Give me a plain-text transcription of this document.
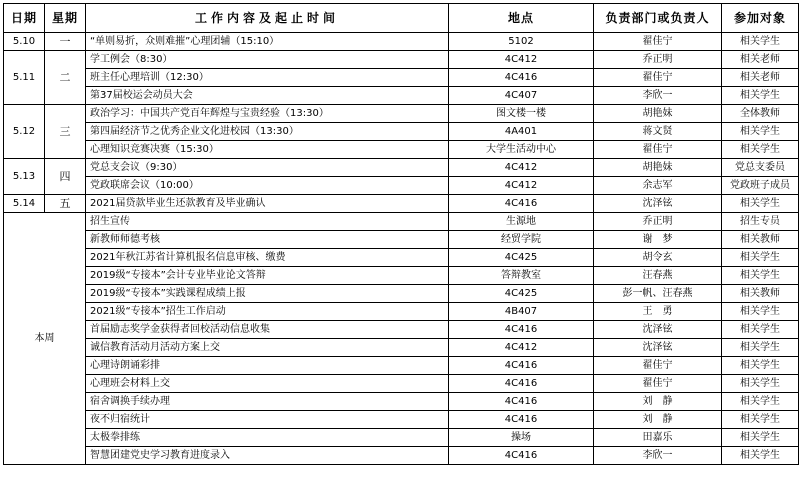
日期	星期	工作内容及起止时间	地点	负责部门或负责人	参加对象
5.10	一	“单则易折，众则难摧”心理团辅（15:10）	5102	翟佳宁	相关学生
5.11	二	学工例会（8:30）	4C412	乔正明	相关老师
		班主任心理培训（12:30）	4C416	翟佳宁	相关老师
		第37届校运会动员大会	4C407	李欣一	相关学生
5.12	三	政治学习：中国共产党百年辉煌与宝贵经验（13:30）	图文楼一楼	胡艳妹	全体教师
		第四届经济节之优秀企业文化进校园（13:30）	4A401	蒋文贤	相关学生
		心理知识竞赛决赛（15:30）	大学生活动中心	翟佳宁	相关学生
5.13	四	党总支会议（9:30）	4C412	胡艳妹	党总支委员
		党政联席会议（10:00）	4C412	余志军	党政班子成员
5.14	五	2021届贷款毕业生还款教育及毕业确认	4C416	沈泽铉	相关学生
本周		招生宣传	生源地	乔正明	招生专员
		新教师师德考核	经贸学院	谢　梦	相关教师
		2021年秋江苏省计算机报名信息审核、缴费	4C425	胡令玄	相关学生
		2019级“专接本”会计专业毕业论文答辩	答辩教室	汪春燕	相关学生
		2019级“专接本”实践课程成绩上报	4C425	彭一帆、汪春燕	相关教师
		2021级“专接本”招生工作启动	4B407	王　勇	相关学生
		首届励志奖学金获得者回校活动信息收集	4C416	沈泽铉	相关学生
		诚信教育活动月活动方案上交	4C412	沈泽铉	相关学生
		心理诗朗诵彩排	4C416	翟佳宁	相关学生
		心理班会材料上交	4C416	翟佳宁	相关学生
		宿舍调换手续办理	4C416	刘　静	相关学生
		夜不归宿统计	4C416	刘　静	相关学生
		太极拳排练	操场	田嘉乐	相关学生
		智慧团建党史学习教育进度录入	4C416	李欣一	相关学生
